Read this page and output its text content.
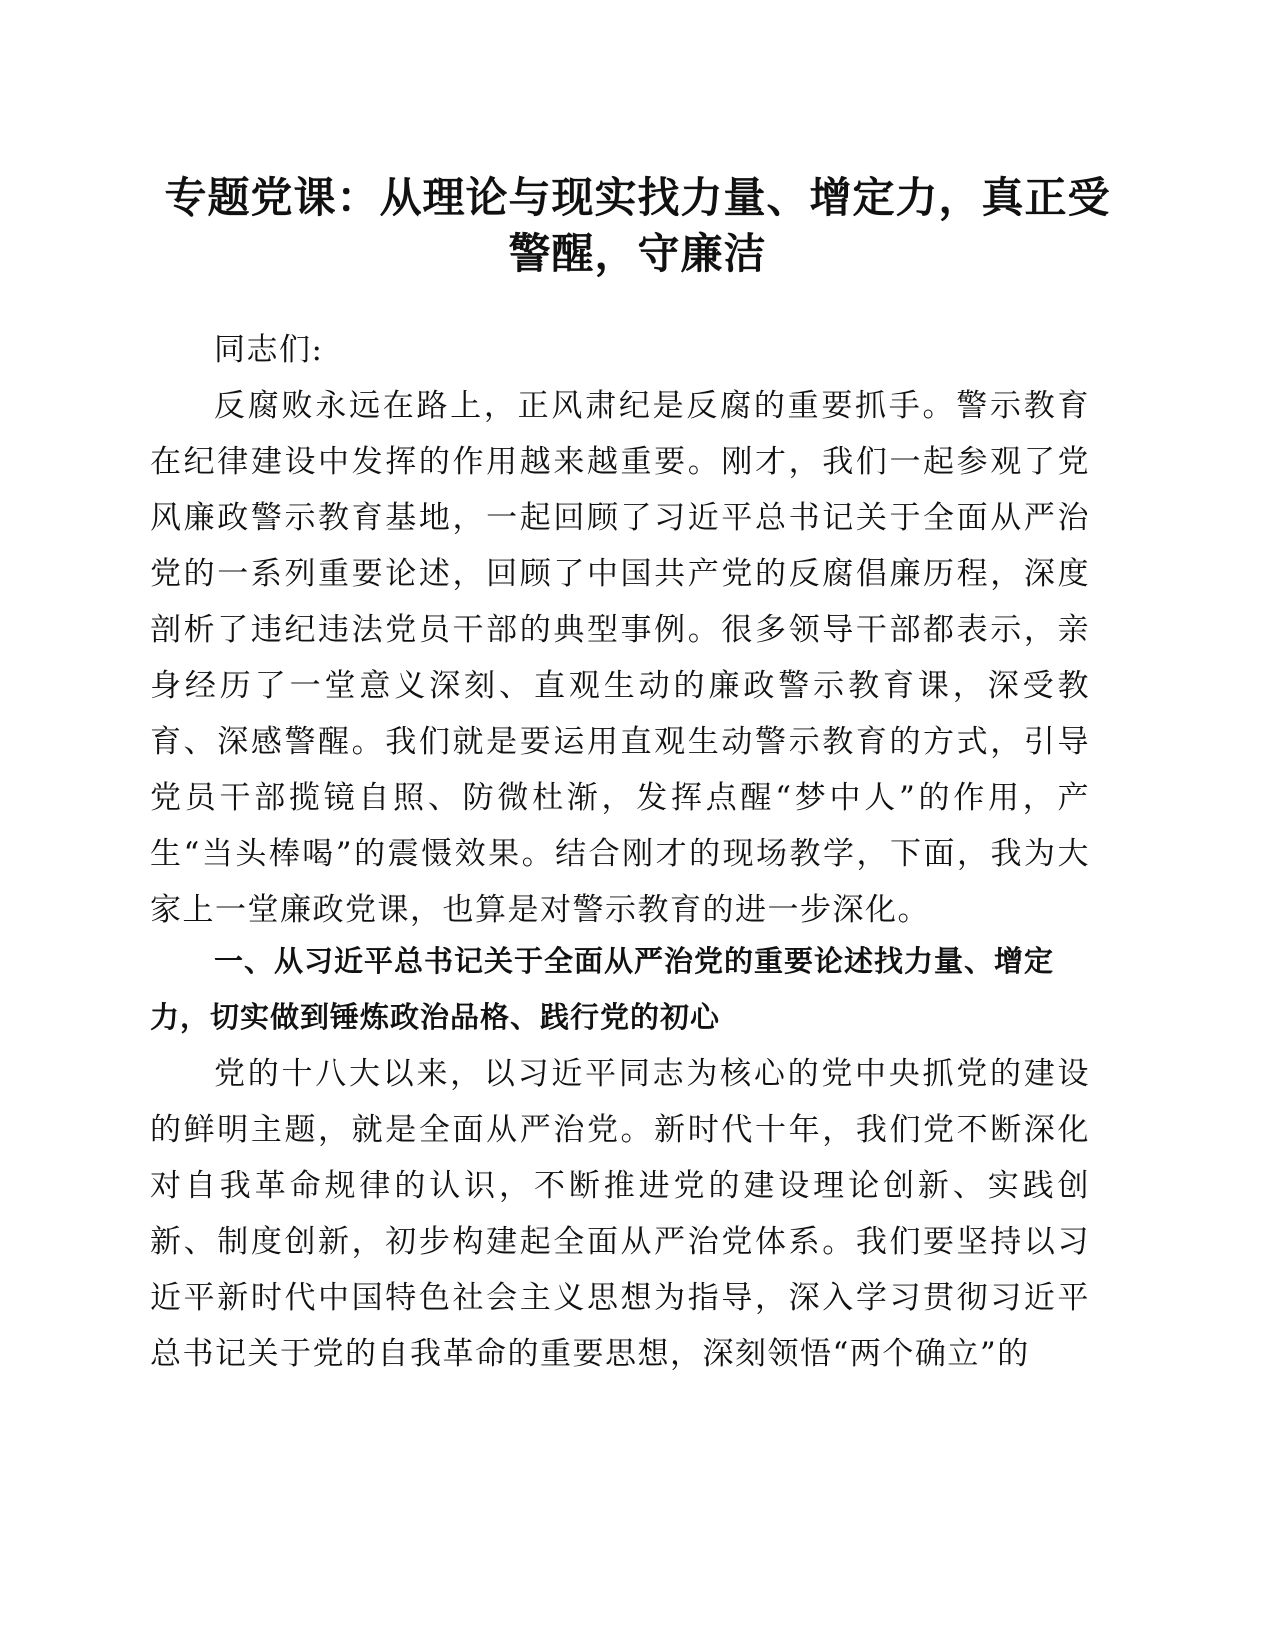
专题党课：从理论与现实找力量、增定力，真正受警醒，守廉洁

同志们:

反腐败永远在路上，正风肃纪是反腐的重要抓手。警示教育在纪律建设中发挥的作用越来越重要。刚才，我们一起参观了党风廉政警示教育基地，一起回顾了习近平总书记关于全面从严治党的一系列重要论述，回顾了中国共产党的反腐倡廉历程，深度剖析了违纪违法党员干部的典型事例。很多领导干部都表示，亲身经历了一堂意义深刻、直观生动的廉政警示教育课，深受教育、深感警醒。我们就是要运用直观生动警示教育的方式，引导党员干部揽镜自照、防微杜渐，发挥点醒“梦中人”的作用，产生“当头棒喝”的震慑效果。结合刚才的现场教学，下面，我为大家上一堂廉政党课，也算是对警示教育的进一步深化。

一、从习近平总书记关于全面从严治党的重要论述找力量、增定力，切实做到锤炼政治品格、践行党的初心

党的十八大以来，以习近平同志为核心的党中央抓党的建设的鲜明主题，就是全面从严治党。新时代十年，我们党不断深化对自我革命规律的认识，不断推进党的建设理论创新、实践创新、制度创新，初步构建起全面从严治党体系。我们要坚持以习近平新时代中国特色社会主义思想为指导，深入学习贯彻习近平总书记关于党的自我革命的重要思想，深刻领悟“两个确立”的
